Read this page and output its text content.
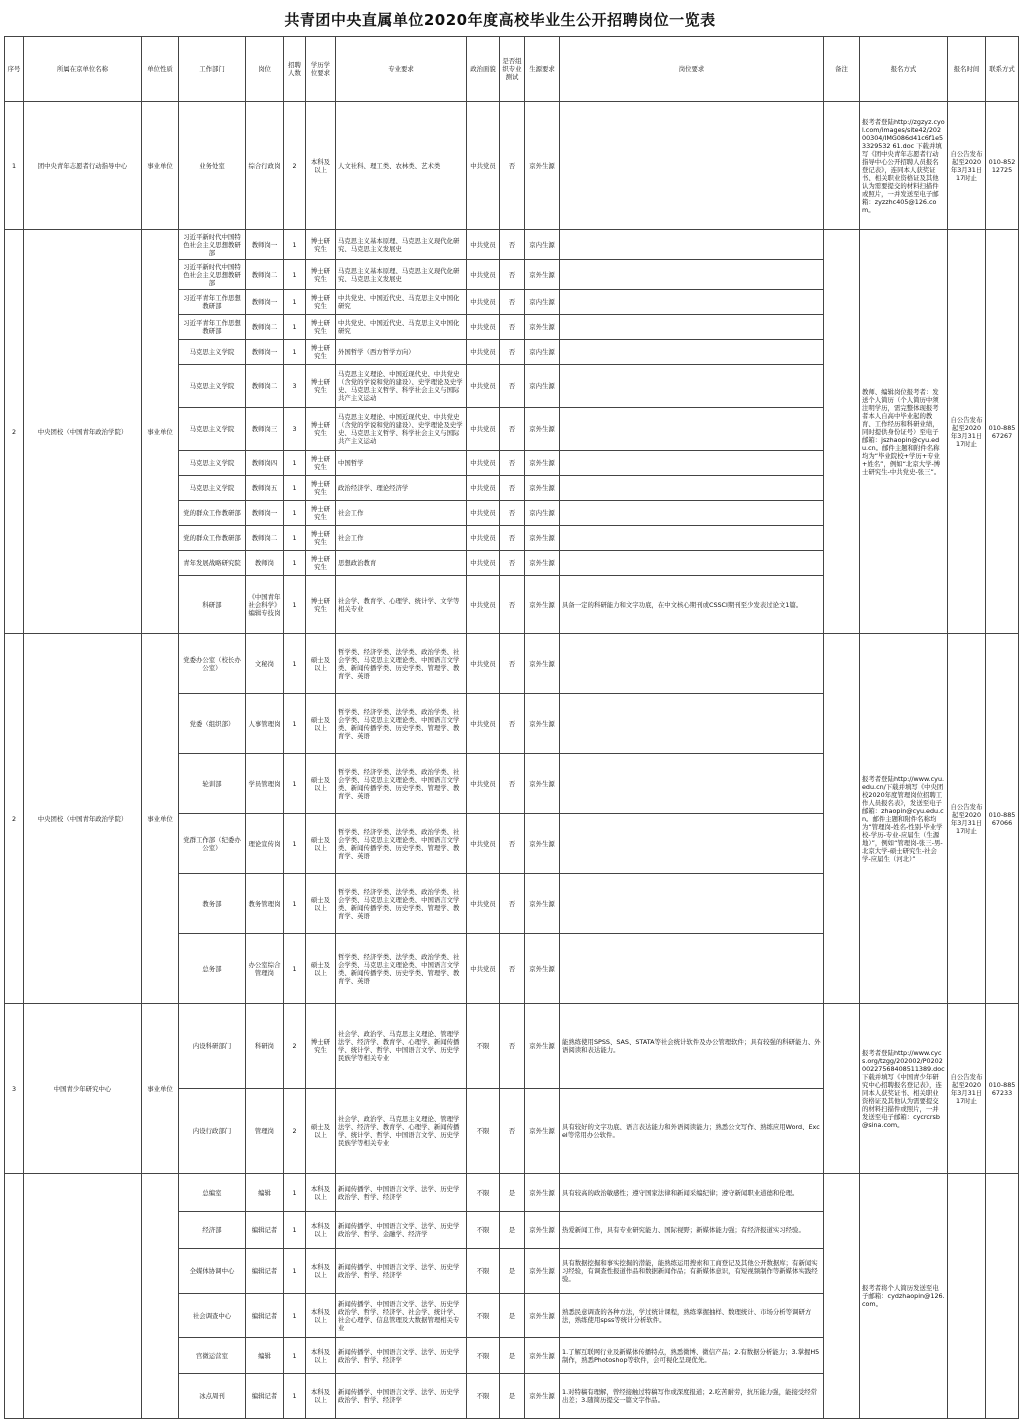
共青团中央直属单位2020年度高校毕业生公开招聘岗位一览表
序号	所属在京单位名称	单位性质	工作部门	岗位	招聘人数	学历学位要求	专业要求	政治面貌	是否组织专业测试	生源要求	岗位要求	备注	报名方式	报名时间	联系方式
1	团中央青年志愿者行动指导中心	事业单位	业务处室	综合行政岗	2	本科及以上	人文社科、理工类、农林类、艺术类	中共党员	否	京外生源			报考者登陆http://zgzyz.cyol.com/images/site42/20200304/IMG086d41c6f1e53329532 61.doc 下载并填写《团中央青年志愿者行动指导中心公开招聘人员报名登记表》，连同本人获奖证书、相关职业资格证及其他认为需要提交的材料扫描件或照片，一并发送至电子邮箱：zyzzhc405@126.com。	自公告发布起至2020年3月31日17时止	010-85212725
2	中央团校（中国青年政治学院）	事业单位	习近平新时代中国特色社会主义思想教研部	教师岗一	1	博士研究生	马克思主义基本原理、马克思主义现代化研究、马克思主义发展史	中共党员	否	京内生源			教师、编辑岗位报考者：发送个人简历（个人简历中须注明学历，需完整体现报考者本人自高中毕业起的教育、工作经历和科研业绩，同时提供身份证号）至电子邮箱：jszhaopin@cyu.edu.cn。邮件主题和附件名称均为“毕业院校+学历+专业+姓名”，例如“北京大学-博士研究生-中共党史-张三”。	自公告发布起至2020年3月31日17时止	010-88567267
			习近平新时代中国特色社会主义思想教研部	教师岗二	1	博士研究生	马克思主义基本原理、马克思主义现代化研究、马克思主义发展史	中共党员	否	京外生源					
			习近平青年工作思想教研部	教师岗一	1	博士研究生	中共党史、中国近代史、马克思主义中国化研究	中共党员	否	京内生源					
			习近平青年工作思想教研部	教师岗二	1	博士研究生	中共党史、中国近代史、马克思主义中国化研究	中共党员	否	京外生源					
			马克思主义学院	教师岗一	1	博士研究生	外国哲学（西方哲学方向）	中共党员	否	京内生源					
			马克思主义学院	教师岗二	3	博士研究生	马克思主义理论、中国近现代史、中共党史（含党的学说和党的建设）、史学理论及史学史、马克思主义哲学、科学社会主义与国际共产主义运动	中共党员	否	京内生源					
			马克思主义学院	教师岗三	3	博士研究生	马克思主义理论、中国近现代史、中共党史（含党的学说和党的建设）、史学理论及史学史、马克思主义哲学、科学社会主义与国际共产主义运动	中共党员	否	京外生源					
			马克思主义学院	教师岗四	1	博士研究生	中国哲学	中共党员	否	京外生源					
			马克思主义学院	教师岗五	1	博士研究生	政治经济学、理论经济学	中共党员	否	京外生源					
			党的群众工作教研部	教师岗一	1	博士研究生	社会工作	中共党员	否	京内生源					
			党的群众工作教研部	教师岗二	1	博士研究生	社会工作	中共党员	否	京外生源					
			青年发展战略研究院	教师岗	1	博士研究生	思想政治教育	中共党员	否	京外生源					
			科研部	《中国青年社会科学》编辑专技岗	1	博士研究生	社会学、教育学、心理学、统计学、文学等相关专业	中共党员	否	京外生源	具备一定的科研能力和文字功底，在中文核心期刊或CSSCI期刊至少发表过论文1篇。				
2	中央团校（中国青年政治学院）	事业单位	党委办公室（校长办公室）	文秘岗	1	硕士及以上	哲学类、经济学类、法学类、政治学类、社会学类、马克思主义理论类、中国语言文学类、新闻传播学类、历史学类、管理学、教育学、英语	中共党员	否	京外生源			报考者登陆http://www.cyu.edu.cn/下载并填写《中央团校2020年度管理岗位招聘工作人员报名表》，发送至电子邮箱：zhaopin@cyu.edu.cn。邮件主题和附件名称均为“管理岗-姓名-性别-毕业学校-学历-专业-应届生（生源地）”，例如“管理岗-张三-男-北京大学-硕士研究生-社会学-应届生（河北）”	自公告发布起至2020年3月31日17时止	010-88567066
			党委（组织部）	人事管理岗	1	硕士及以上	哲学类、经济学类、法学类、政治学类、社会学类、马克思主义理论类、中国语言文学类、新闻传播学类、历史学类、管理学、教育学、英语	中共党员	否	京外生源					
			轮训部	学员管理岗	1	硕士及以上	哲学类、经济学类、法学类、政治学类、社会学类、马克思主义理论类、中国语言文学类、新闻传播学类、历史学类、管理学、教育学、英语	中共党员	否	京外生源					
			党群工作部（纪委办公室）	理论宣传岗	1	硕士及以上	哲学类、经济学类、法学类、政治学类、社会学类、马克思主义理论类、中国语言文学类、新闻传播学类、历史学类、管理学、教育学、英语	中共党员	否	京外生源					
			教务部	教务管理岗	1	硕士及以上	哲学类、经济学类、法学类、政治学类、社会学类、马克思主义理论类、中国语言文学类、新闻传播学类、历史学类、管理学、教育学、英语	中共党员	否	京外生源					
			总务部	办公室综合管理岗	1	硕士及以上	哲学类、经济学类、法学类、政治学类、社会学类、马克思主义理论类、中国语言文学类、新闻传播学类、历史学类、管理学、教育学、英语	中共党员	否	京外生源					
3	中国青少年研究中心	事业单位	内设科研部门	科研岗	2	博士研究生	社会学、政治学、马克思主义理论、管理学法学、经济学、教育学、心理学、新闻传播学、统计学、哲学、中国语言文学、历史学民族学等相关专业	不限	否	京外生源	能熟练使用SPSS、SAS、STATA等社会统计软件及办公管理软件；具有较强的科研能力、外语阅读和表达能力。		报考者登陆http://www.cycs.org/tzgg/202002/P020200227568408511389.doc 下载并填写《中国青少年研究中心招聘报名登记表》，连同本人获奖证书、相关职业资格证及其他认为需要提交的材料扫描件或照片，一并发送至电子邮箱：cycrcrsb@sina.com。	自公告发布起至2020年3月31日17时止	010-88567233
			内设行政部门	管理岗	2	硕士及以上	社会学、政治学、马克思主义理论、管理学法学、经济学、教育学、心理学、新闻传播学、统计学、哲学、中国语言文学、历史学民族学等相关专业	不限	否	京外生源	具有较好的文字功底、语言表达能力和外语阅读能力；熟悉公文写作、熟练应用Word、Excel等常用办公软件。				
			总编室	编辑	1	本科及以上	新闻传播学、中国语言文学、法学、历史学政治学、哲学、经济学	不限	是	京外生源	具有较高的政治敏感性；遵守国家法律和新闻采编纪律；遵守新闻职业道德和伦理。		报考者将个人简历发送至电子邮箱：cydzhaopin@126.com。		
			经济部	编辑记者	1	本科及以上	新闻传播学、中国语言文学、法学、历史学政治学、哲学、金融学、经济学	不限	是	京外生源	热爱新闻工作，具有专业研究能力、国际视野；新媒体能力强；有经济报道实习经验。				
			全媒体协调中心	编辑记者	1	本科及以上	新闻传播学、中国语言文学、法学、历史学政治学、哲学、经济学	不限	是	京外生源	具有数据挖掘和事实挖掘的潜能，能熟练运用搜索和工商登记及其他公开数据库；有新闻实习经验，有调查性报道作品和数据新闻作品；有新媒体意识，有短视频制作等新媒体实践经验。				
			社会调查中心	编辑记者	1	本科及以上	新闻传播学、中国语言文学、法学、历史学政治学、哲学、经济学、社会学、统计学、社会心理学、信息管理及大数据管理相关专业	不限	是	京外生源	熟悉民意调查的各种方法，学过统计课程，熟练掌握抽样、数理统计、市场分析等调研方法，熟练使用spss等统计分析软件。				
			官微运营室	编辑	1	本科及以上	新闻传播学、中国语言文学、法学、历史学政治学、哲学、经济学	不限	是	京外生源	1.了解互联网行业及新媒体传播特点，熟悉微博、微信产品；2.有数据分析能力；3.掌握H5制作，熟悉Photoshop等软件，会可视化呈现优先。				
			冰点周刊	编辑记者	1	本科及以上	新闻传播学、中国语言文学、法学、历史学政治学、哲学、经济学	不限	是	京外生源	1.对特稿有理解，曾经接触过特稿写作或深度报道；2.吃苦耐劳，抗压能力强，能接受经常出差；3.随简历提交一篇文字作品。				
